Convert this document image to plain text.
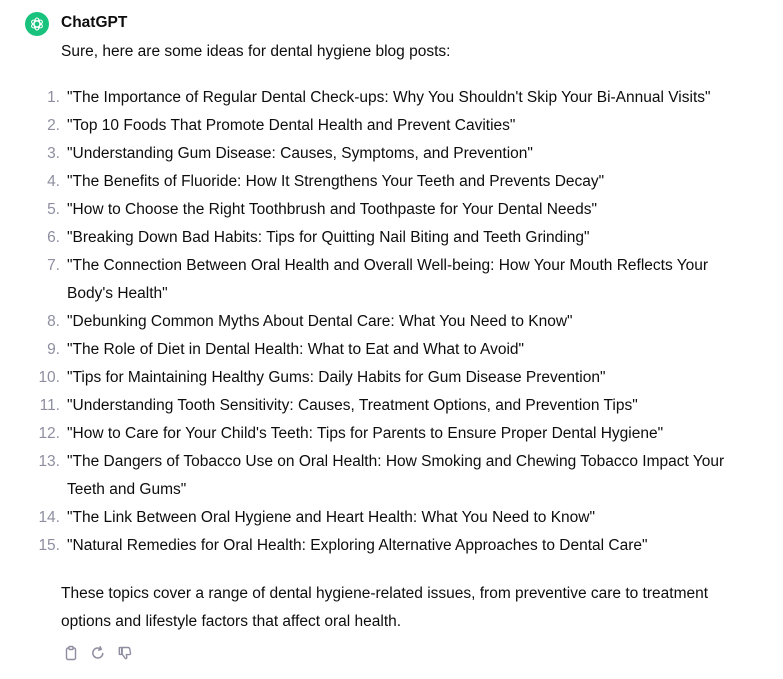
ChatGPT

Sure, here are some ideas for dental hygiene blog posts:

1. "The Importance of Regular Dental Check-ups: Why You Shouldn't Skip Your Bi-Annual Visits"
2. "Top 10 Foods That Promote Dental Health and Prevent Cavities"
3. "Understanding Gum Disease: Causes, Symptoms, and Prevention"
4. "The Benefits of Fluoride: How It Strengthens Your Teeth and Prevents Decay"
5. "How to Choose the Right Toothbrush and Toothpaste for Your Dental Needs"
6. "Breaking Down Bad Habits: Tips for Quitting Nail Biting and Teeth Grinding"
7. "The Connection Between Oral Health and Overall Well-being: How Your Mouth Reflects Your Body's Health"
8. "Debunking Common Myths About Dental Care: What You Need to Know"
9. "The Role of Diet in Dental Health: What to Eat and What to Avoid"
10. "Tips for Maintaining Healthy Gums: Daily Habits for Gum Disease Prevention"
11. "Understanding Tooth Sensitivity: Causes, Treatment Options, and Prevention Tips"
12. "How to Care for Your Child's Teeth: Tips for Parents to Ensure Proper Dental Hygiene"
13. "The Dangers of Tobacco Use on Oral Health: How Smoking and Chewing Tobacco Impact Your Teeth and Gums"
14. "The Link Between Oral Hygiene and Heart Health: What You Need to Know"
15. "Natural Remedies for Oral Health: Exploring Alternative Approaches to Dental Care"

These topics cover a range of dental hygiene-related issues, from preventive care to treatment options and lifestyle factors that affect oral health.
